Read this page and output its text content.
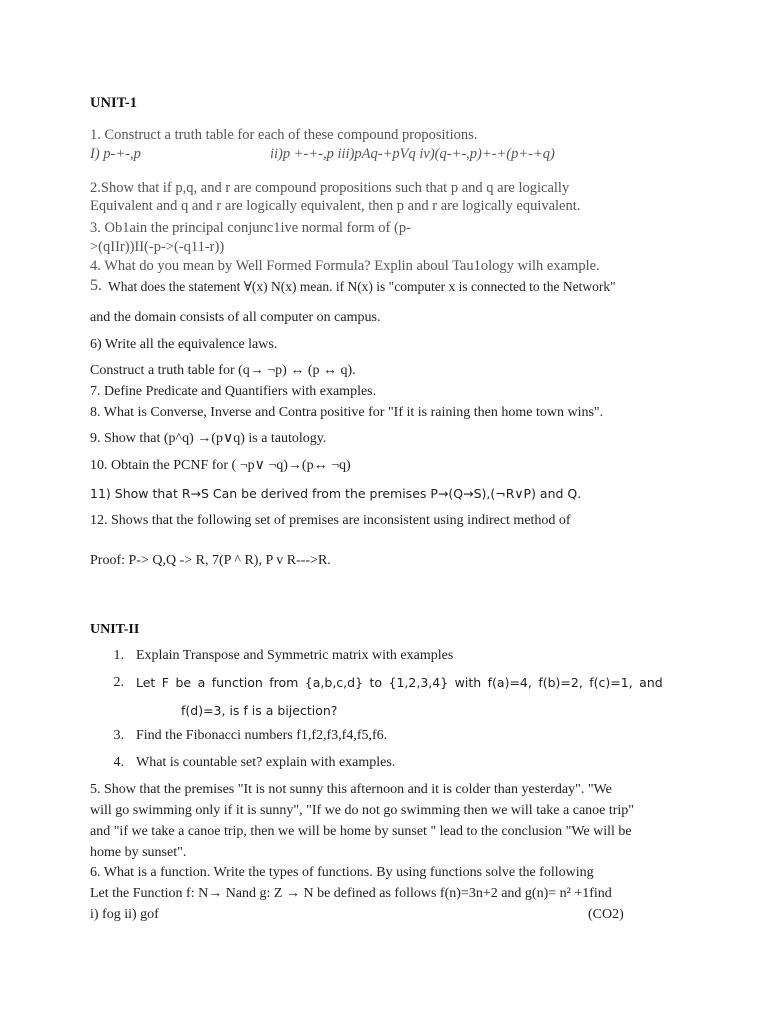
UNIT-1
1. Construct a truth table for each of these compound propositions.
I) p-+-,p	ii)p +-+-,p iii)pAq-+pVq iv)(q-+-,p)+-+(p+-+q)
2.Show that if p,q, and r are compound propositions such that p and q are logically
Equivalent and q and r are logically equivalent, then p and r are logically equivalent.
3. Ob1ain the principal conjunc1ive normal form of (p-
>(qIIr))II(-p->(-q11-r))
4. What do you mean by Well Formed Formula? Explin aboul Tau1ology wilh example.
5. What does the statement ∀(x) N(x) mean. if N(x) is "computer x is connected to the Network"
and the domain consists of all computer on campus.
6) Write all the equivalence laws.
Construct a truth table for (q→ ¬p) ↔ (p ↔ q).
7. Define Predicate and Quantifiers with examples.
8. What is Converse, Inverse and Contra positive for "If it is raining then home town wins".
9. Show that (p^q) →(p∨q) is a tautology.
10. Obtain the PCNF for ( ¬p∨ ¬q)→(p↔ ¬q)
11) Show that R→S Can be derived from the premises P→(Q→S),(¬R∨P) and Q.
12. Shows that the following set of premises are inconsistent using indirect method of
Proof: P-> Q,Q -> R, 7(P ^ R), P v R--->R.
UNIT-II
1. Explain Transpose and Symmetric matrix with examples
2. Let F be a function from {a,b,c,d} to {1,2,3,4} with f(a)=4, f(b)=2, f(c)=1, and
f(d)=3, is f is a bijection?
3. Find the Fibonacci numbers f1,f2,f3,f4,f5,f6.
4. What is countable set? explain with examples.
5. Show that the premises "It is not sunny this afternoon and it is colder than yesterday". "We
will go swimming only if it is sunny", "If we do not go swimming then we will take a canoe trip"
and "if we take a canoe trip, then we will be home by sunset " lead to the conclusion "We will be
home by sunset".
6. What is a function. Write the types of functions. By using functions solve the following
Let the Function f: N→ Nand g: Z → N be defined as follows f(n)=3n+2 and g(n)= n² +1find
i) fog ii) gof	(CO2)
